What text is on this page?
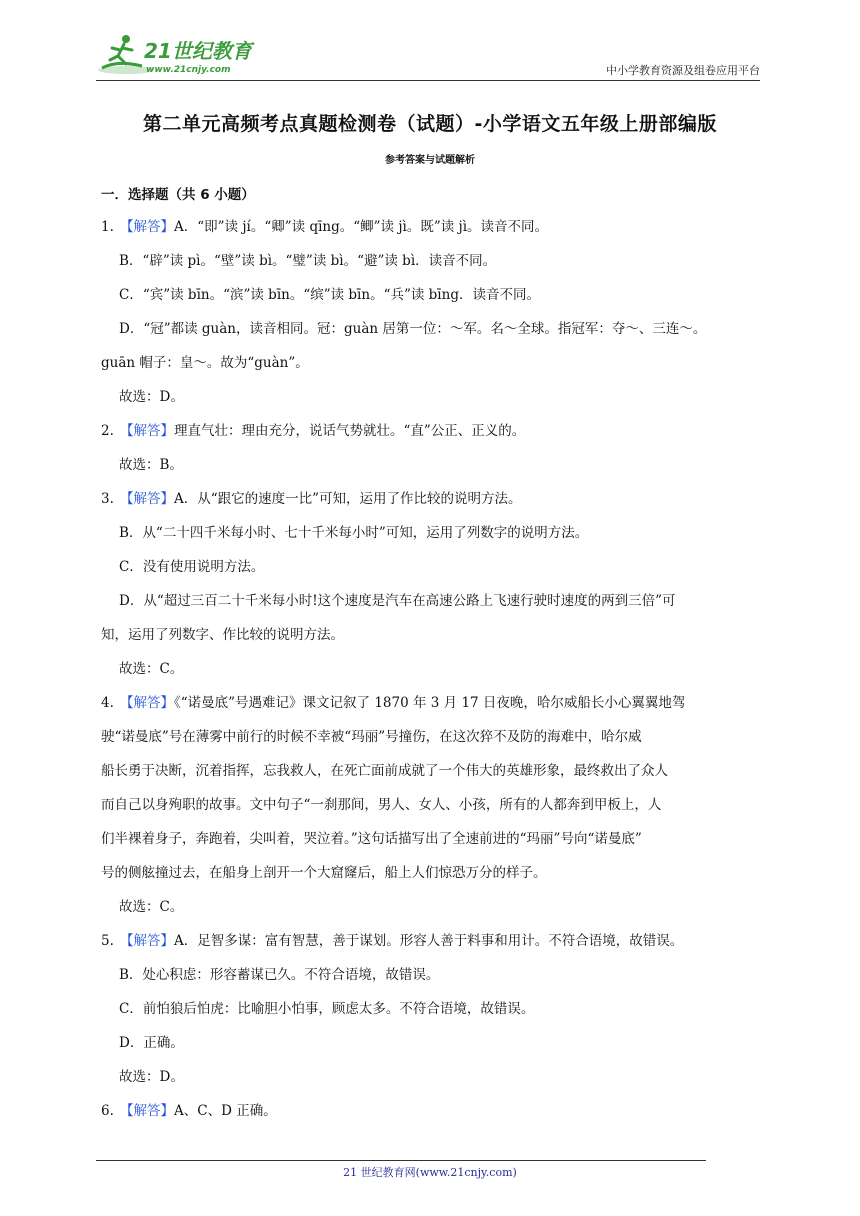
21世纪教育
www.21cnjy.com	中小学教育资源及组卷应用平台
第二单元高频考点真题检测卷（试题）-小学语文五年级上册部编版
参考答案与试题解析
一．选择题（共 6 小题）
1. 【解答】A．“即”读 jí。“卿”读 qīng。“鲫”读 jì。既”读 jì。读音不同。
B．“辟”读 pì。“壁”读 bì。“璧”读 bì。“避”读 bì．读音不同。
C．“宾”读 bīn。“滨”读 bīn。“缤”读 bīn。“兵”读 bīng．读音不同。
D．“冠”都读 guàn，读音相同。冠：guàn 居第一位：～军。名～全球。指冠军：夺～、三连～。
guān 帽子：皇～。故为“guàn”。
故选：D。
2. 【解答】理直气壮：理由充分，说话气势就壮。“直”公正、正义的。
故选：B。
3. 【解答】A．从“跟它的速度一比”可知，运用了作比较的说明方法。
B．从“二十四千米每小时、七十千米每小时”可知，运用了列数字的说明方法。
C．没有使用说明方法。
D．从“超过三百二十千米每小时!这个速度是汽车在高速公路上飞速行驶时速度的两到三倍”可
知，运用了列数字、作比较的说明方法。
故选：C。
4. 【解答】《“诺曼底”号遇难记》课文记叙了 1870 年 3 月 17 日夜晚，哈尔威船长小心翼翼地驾
驶“诺曼底”号在薄雾中前行的时候不幸被“玛丽”号撞伤，在这次猝不及防的海难中，哈尔威
船长勇于决断，沉着指挥，忘我救人，在死亡面前成就了一个伟大的英雄形象，最终救出了众人
而自己以身殉职的故事。文中句子“一刹那间，男人、女人、小孩，所有的人都奔到甲板上，人
们半裸着身子，奔跑着，尖叫着，哭泣着。”这句话描写出了全速前进的“玛丽”号向“诺曼底”
号的侧舷撞过去，在船身上剖开一个大窟窿后，船上人们惊恐万分的样子。
故选：C。
5. 【解答】A．足智多谋：富有智慧，善于谋划。形容人善于料事和用计。不符合语境，故错误。
B．处心积虑：形容蓄谋已久。不符合语境，故错误。
C．前怕狼后怕虎：比喻胆小怕事，顾虑太多。不符合语境，故错误。
D．正确。
故选：D。
6. 【解答】A、C、D 正确。
21 世纪教育网(www.21cnjy.com)
